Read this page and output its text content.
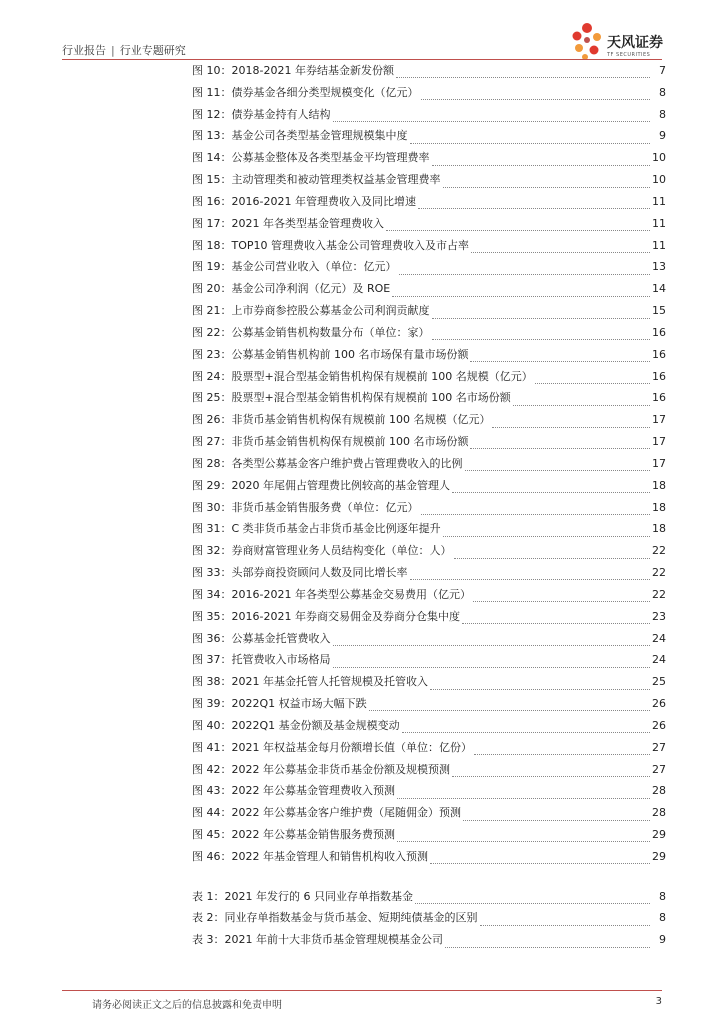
行业报告 | 行业专题研究	天风证券
TF SECURITIES
图 10：2018-2021 年券结基金新发份额	7
图 11：债券基金各细分类型规模变化（亿元）	8
图 12：债券基金持有人结构	8
图 13：基金公司各类型基金管理规模集中度	9
图 14：公募基金整体及各类型基金平均管理费率	10
图 15：主动管理类和被动管理类权益基金管理费率	10
图 16：2016-2021 年管理费收入及同比增速	11
图 17：2021 年各类型基金管理费收入	11
图 18：TOP10 管理费收入基金公司管理费收入及市占率	11
图 19：基金公司营业收入（单位：亿元）	13
图 20：基金公司净利润（亿元）及 ROE	14
图 21：上市券商参控股公募基金公司利润贡献度	15
图 22：公募基金销售机构数量分布（单位：家）	16
图 23：公募基金销售机构前 100 名市场保有量市场份额	16
图 24：股票型+混合型基金销售机构保有规模前 100 名规模（亿元）	16
图 25：股票型+混合型基金销售机构保有规模前 100 名市场份额	16
图 26：非货币基金销售机构保有规模前 100 名规模（亿元）	17
图 27：非货币基金销售机构保有规模前 100 名市场份额	17
图 28：各类型公募基金客户维护费占管理费收入的比例	17
图 29：2020 年尾佣占管理费比例较高的基金管理人	18
图 30：非货币基金销售服务费（单位：亿元）	18
图 31：C 类非货币基金占非货币基金比例逐年提升	18
图 32：券商财富管理业务人员结构变化（单位：人）	22
图 33：头部券商投资顾问人数及同比增长率	22
图 34：2016-2021 年各类型公募基金交易费用（亿元）	22
图 35：2016-2021 年券商交易佣金及券商分仓集中度	23
图 36：公募基金托管费收入	24
图 37：托管费收入市场格局	24
图 38：2021 年基金托管人托管规模及托管收入	25
图 39：2022Q1 权益市场大幅下跌	26
图 40：2022Q1 基金份额及基金规模变动	26
图 41：2021 年权益基金每月份额增长值（单位：亿份）	27
图 42：2022 年公募基金非货币基金份额及规模预测	27
图 43：2022 年公募基金管理费收入预测	28
图 44：2022 年公募基金客户维护费（尾随佣金）预测	28
图 45：2022 年公募基金销售服务费预测	29
图 46：2022 年基金管理人和销售机构收入预测	29
表 1：2021 年发行的 6 只同业存单指数基金	8
表 2：同业存单指数基金与货币基金、短期纯债基金的区别	8
表 3：2021 年前十大非货币基金管理规模基金公司	9
请务必阅读正文之后的信息披露和免责申明	3
